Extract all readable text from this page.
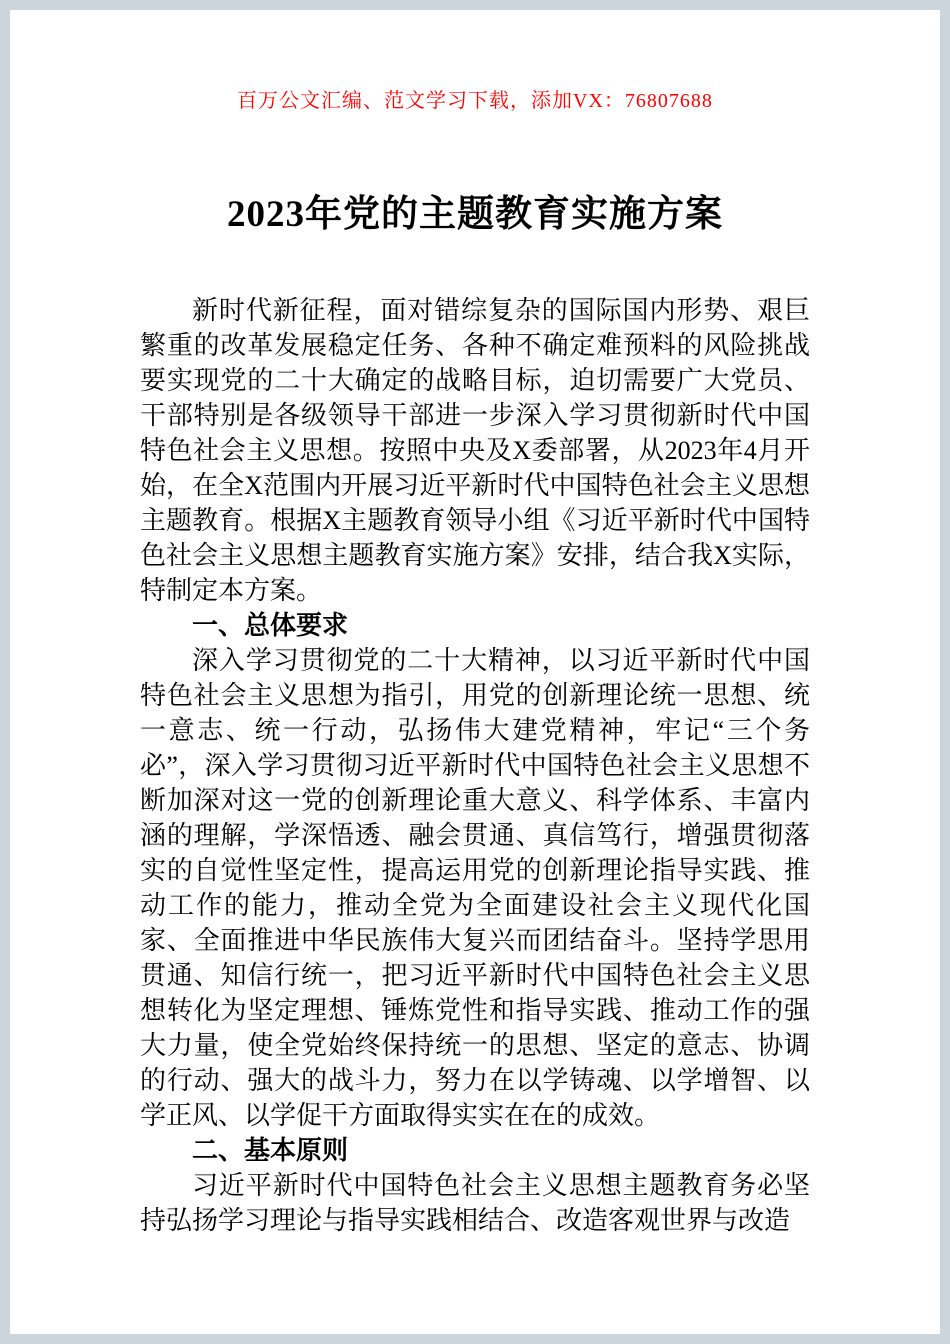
百万公文汇编、范文学习下载，添加VX：76807688
2023年党的主题教育实施方案

新时代新征程，面对错综复杂的国际国内形势、艰巨繁重的改革发展稳定任务、各种不确定难预料的风险挑战要实现党的二十大确定的战略目标，迫切需要广大党员、干部特别是各级领导干部进一步深入学习贯彻新时代中国特色社会主义思想。按照中央及X委部署，从2023年4月开始，在全X范围内开展习近平新时代中国特色社会主义思想主题教育。根据X主题教育领导小组《习近平新时代中国特色社会主义思想主题教育实施方案》安排，结合我X实际，特制定本方案。

一、总体要求

深入学习贯彻党的二十大精神，以习近平新时代中国特色社会主义思想为指引，用党的创新理论统一思想、统一意志、统一行动，弘扬伟大建党精神，牢记“三个务必”，深入学习贯彻习近平新时代中国特色社会主义思想不断加深对这一党的创新理论重大意义、科学体系、丰富内涵的理解，学深悟透、融会贯通、真信笃行，增强贯彻落实的自觉性坚定性，提高运用党的创新理论指导实践、推动工作的能力，推动全党为全面建设社会主义现代化国家、全面推进中华民族伟大复兴而团结奋斗。坚持学思用贯通、知信行统一，把习近平新时代中国特色社会主义思想转化为坚定理想、锤炼党性和指导实践、推动工作的强大力量，使全党始终保持统一的思想、坚定的意志、协调的行动、强大的战斗力，努力在以学铸魂、以学增智、以学正风、以学促干方面取得实实在在的成效。

二、基本原则

习近平新时代中国特色社会主义思想主题教育务必坚持弘扬学习理论与指导实践相结合、改造客观世界与改造
